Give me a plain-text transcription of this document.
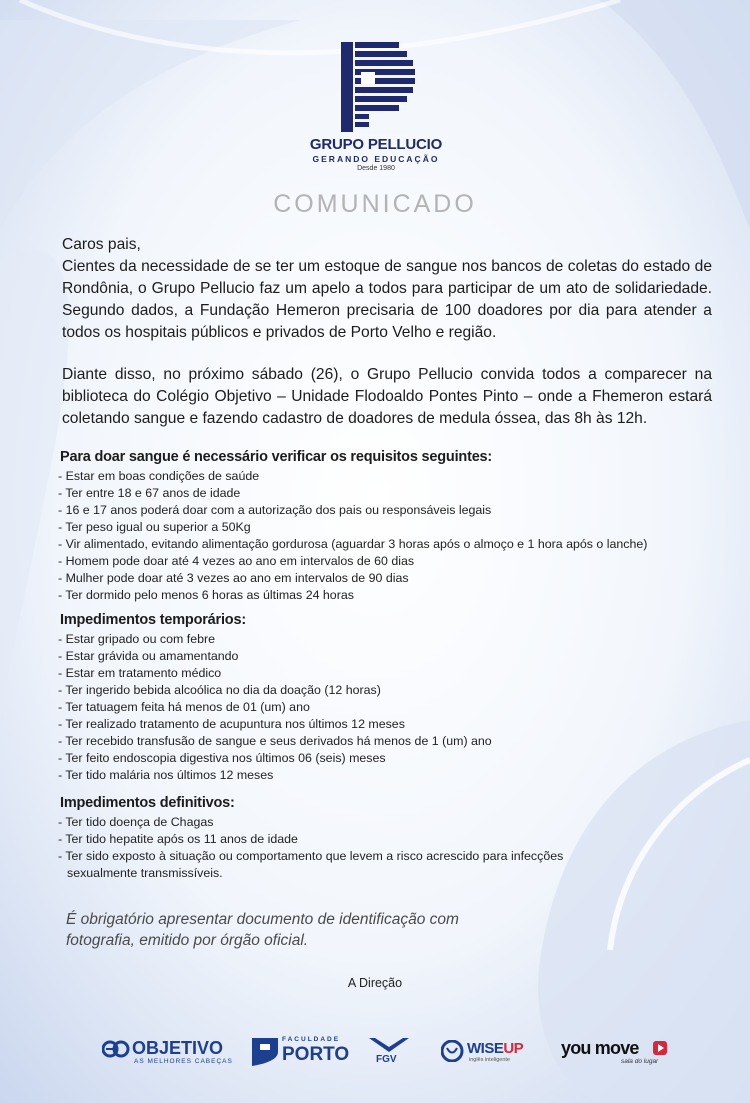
GRUPO PELLUCIO
GERANDO EDUCAÇÃO
Desde 1980
COMUNICADO

Caros pais,

Cientes da necessidade de se ter um estoque de sangue nos bancos de coletas do estado de Rondônia, o Grupo Pellucio faz um apelo a todos para participar de um ato de solidariedade. Segundo dados, a Fundação Hemeron precisaria de 100 doadores por dia para atender a todos os hospitais públicos e privados de Porto Velho e região.

Diante disso, no próximo sábado (26), o Grupo Pellucio convida todos a comparecer na biblioteca do Colégio Objetivo – Unidade Flodoaldo Pontes Pinto – onde a Fhemeron estará coletando sangue e fazendo cadastro de doadores de medula óssea, das 8h às 12h.

Para doar sangue é necessário verificar os requisitos seguintes:
- Estar em boas condições de saúde
- Ter entre 18 e 67 anos de idade
- 16 e 17 anos poderá doar com a autorização dos pais ou responsáveis legais
- Ter peso igual ou superior a 50Kg
- Vir alimentado, evitando alimentação gordurosa (aguardar 3 horas após o almoço e 1 hora após o lanche)
- Homem pode doar até 4 vezes ao ano em intervalos de 60 dias
- Mulher pode doar até 3 vezes ao ano em intervalos de 90 dias
- Ter dormido pelo menos 6 horas as últimas 24 horas
Impedimentos temporários:
- Estar gripado ou com febre
- Estar grávida ou amamentando
- Estar em tratamento médico
- Ter ingerido bebida alcoólica no dia da doação (12 horas)
- Ter tatuagem feita há menos de 01 (um) ano
- Ter realizado tratamento de acupuntura nos últimos 12 meses
- Ter recebido transfusão de sangue e seus derivados há menos de 1 (um) ano
- Ter feito endoscopia digestiva nos últimos 06 (seis) meses
- Ter tido malária nos últimos 12 meses
Impedimentos definitivos:
- Ter tido doença de Chagas
- Ter tido hepatite após os 11 anos de idade
- Ter sido exposto à situação ou comportamento que levem a risco acrescido para infecções sexualmente transmissíveis.
É obrigatório apresentar documento de identificação com fotografia, emitido por órgão oficial.
A Direção
OBJETIVO
AS MELHORES CABEÇAS
FACULDADE
PORTO	FGV
WISEUP
inglês inteligente
you move
sala do lugar
